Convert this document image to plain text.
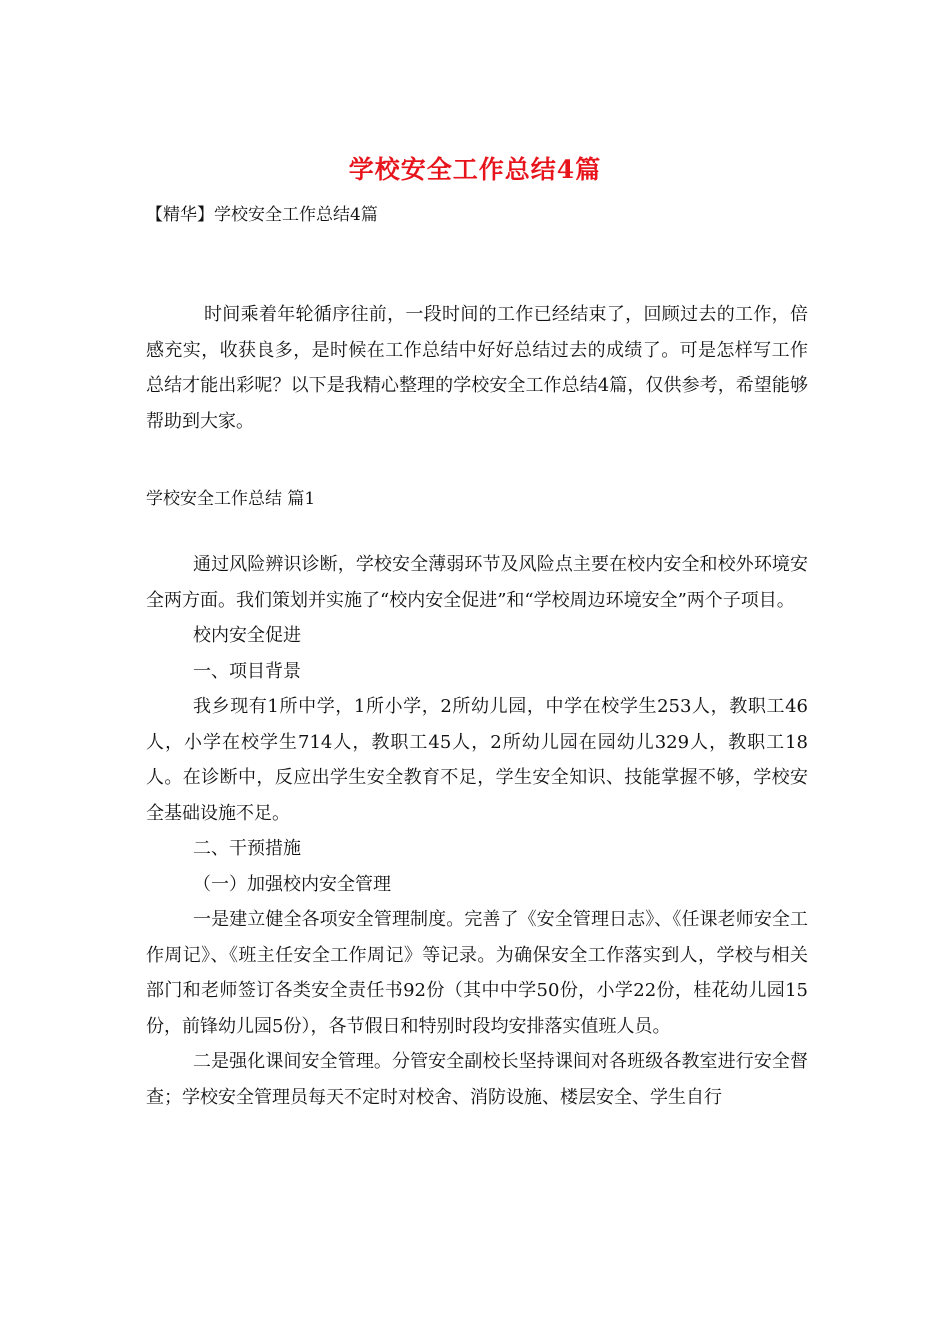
学校安全工作总结4篇
【精华】学校安全工作总结4篇

时间乘着年轮循序往前，一段时间的工作已经结束了，回顾过去的工作，倍感充实，收获良多，是时候在工作总结中好好总结过去的成绩了。可是怎样写工作总结才能出彩呢？以下是我精心整理的学校安全工作总结4篇，仅供参考，希望能够帮助到大家。

学校安全工作总结 篇1

通过风险辨识诊断，学校安全薄弱环节及风险点主要在校内安全和校外环境安全两方面。我们策划并实施了“校内安全促进”和“学校周边环境安全”两个子项目。

校内安全促进

一、项目背景

我乡现有1所中学，1所小学，2所幼儿园，中学在校学生253人，教职工46人，小学在校学生714人，教职工45人，2所幼儿园在园幼儿329人，教职工18人。在诊断中，反应出学生安全教育不足，学生安全知识、技能掌握不够，学校安全基础设施不足。

二、干预措施

（一）加强校内安全管理

一是建立健全各项安全管理制度。完善了《安全管理日志》、《任课老师安全工作周记》、《班主任安全工作周记》等记录。为确保安全工作落实到人，学校与相关部门和老师签订各类安全责任书92份（其中中学50份，小学22份，桂花幼儿园15份，前锋幼儿园5份），各节假日和特别时段均安排落实值班人员。

二是强化课间安全管理。分管安全副校长坚持课间对各班级各教室进行安全督查；学校安全管理员每天不定时对校舍、消防设施、楼层安全、学生自行
